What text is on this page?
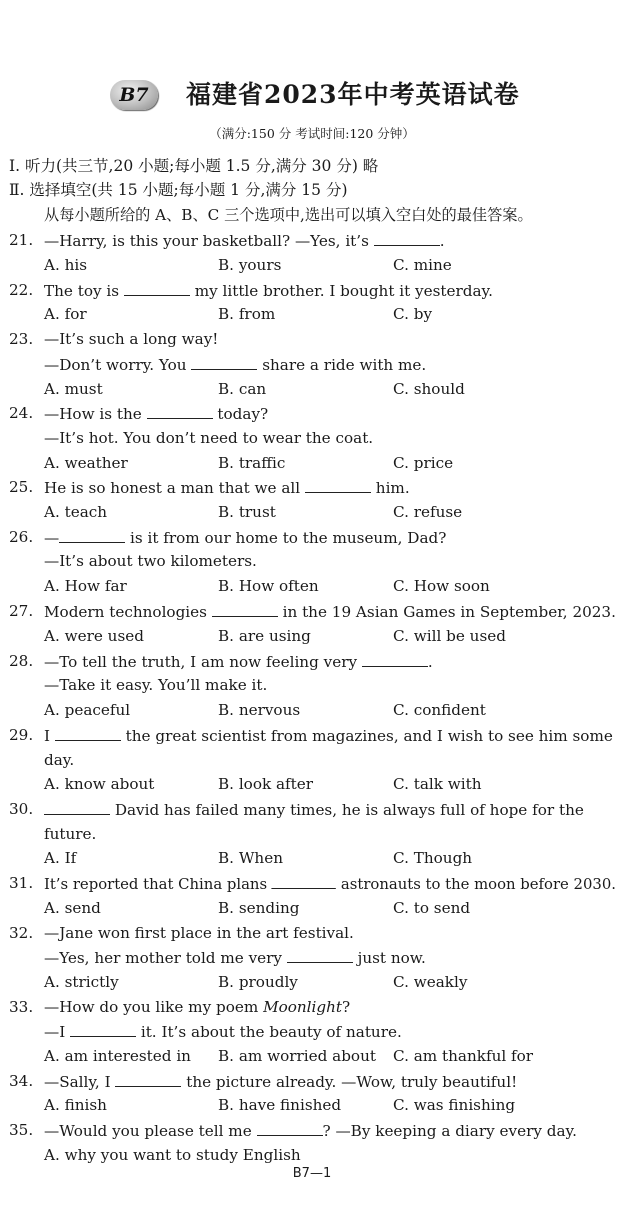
B7	福建省2023年中考英语试卷
（满分:150 分 考试时间:120 分钟）
Ⅰ. 听力(共三节,20 小题;每小题 1.5 分,满分 30 分) 略
Ⅱ. 选择填空(共 15 小题;每小题 1 分,满分 15 分)
从每小题所给的 A、B、C 三个选项中,选出可以填入空白处的最佳答案。
21. —Harry, is this your basketball? —Yes, it’s	.
A. his	B. yours	C. mine
22. The toy is	my little brother. I bought it yesterday.
A. for	B. from	C. by
23. —It’s such a long way!
—Don’t worry. You	share a ride with me.
A. must	B. can	C. should
24. —How is the	today?
—It’s hot. You don’t need to wear the coat.
A. weather	B. traffic	C. price
25. He is so honest a man that we all	him.
A. teach	B. trust	C. refuse
26. —	is it from our home to the museum, Dad?
—It’s about two kilometers.
A. How far	B. How often	C. How soon
27. Modern technologies	in the 19 Asian Games in September, 2023.
A. were used	B. are using	C. will be used
28. —To tell the truth, I am now feeling very	.
—Take it easy. You’ll make it.
A. peaceful	B. nervous	C. confident
29. I	the great scientist from magazines, and I wish to see him some
day.
A. know about	B. look after	C. talk with
30.	David has failed many times, he is always full of hope for the
future.
A. If	B. When	C. Though
31. It’s reported that China plans	astronauts to the moon before 2030.
A. send	B. sending	C. to send
32. —Jane won first place in the art festival.
—Yes, her mother told me very	just now.
A. strictly	B. proudly	C. weakly
33. —How do you like my poem Moonlight?
—I	it. It’s about the beauty of nature.
A. am interested in B. am worried about C. am thankful for
34. —Sally, I	the picture already. —Wow, truly beautiful!
A. finish	B. have finished	C. was finishing
35. —Would you please tell me	? —By keeping a diary every day.
A. why you want to study English
B7—1
